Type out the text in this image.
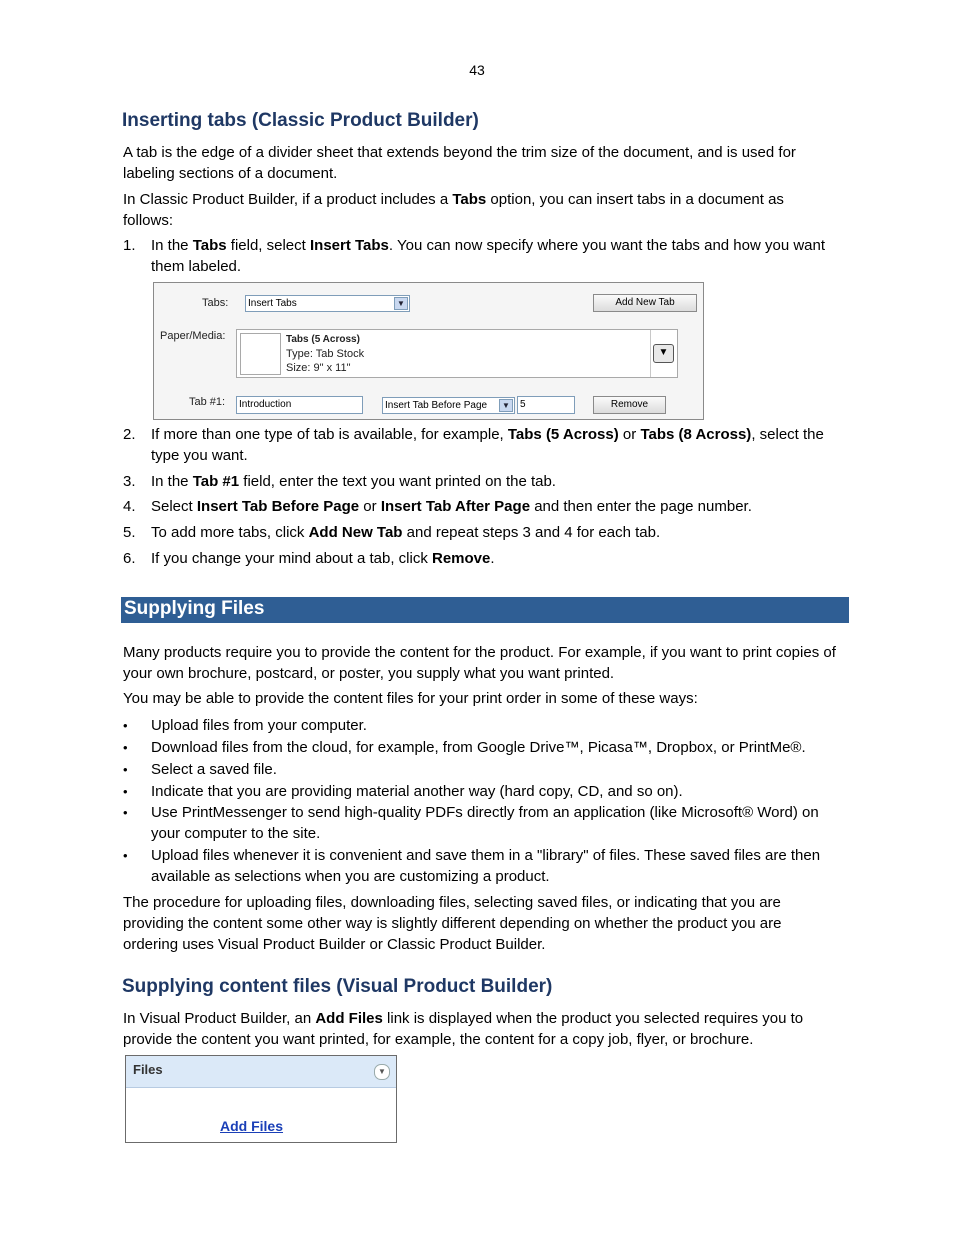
43
Inserting tabs (Classic Product Builder)
A tab is the edge of a divider sheet that extends beyond the trim size of the document, and is used for labeling sections of a document.
In Classic Product Builder, if a product includes a Tabs option, you can insert tabs in a document as follows:
1.	In the Tabs field, select Insert Tabs. You can now specify where you want the tabs and how you want them labeled.
Tabs:	Insert Tabs	▼	Add New Tab
Paper/Media:	Tabs (5 Across)
Type: Tab Stock
Size: 9" x 11"
▼
Tab #1:	Introduction	Insert Tab Before Page	▼	5	Remove
2.	If more than one type of tab is available, for example, Tabs (5 Across) or Tabs (8 Across), select the type you want.
3.	In the Tab #1 field, enter the text you want printed on the tab.
4.	Select Insert Tab Before Page or Insert Tab After Page and then enter the page number.
5.	To add more tabs, click Add New Tab and repeat steps 3 and 4 for each tab.
6.	If you change your mind about a tab, click Remove.
Supplying Files
Many products require you to provide the content for the product. For example, if you want to print copies of your own brochure, postcard, or poster, you supply what you want printed.
You may be able to provide the content files for your print order in some of these ways:
•	Upload files from your computer.
•	Download files from the cloud, for example, from Google Drive™, Picasa™, Dropbox, or PrintMe®.
•	Select a saved file.
•	Indicate that you are providing material another way (hard copy, CD, and so on).
•	Use PrintMessenger to send high-quality PDFs directly from an application (like Microsoft® Word) on your computer to the site.
•	Upload files whenever it is convenient and save them in a "library" of files. These saved files are then available as selections when you are customizing a product.
The procedure for uploading files, downloading files, selecting saved files, or indicating that you are providing the content some other way is slightly different depending on whether the product you are ordering uses Visual Product Builder or Classic Product Builder.
Supplying content files (Visual Product Builder)
In Visual Product Builder, an Add Files link is displayed when the product you selected requires you to provide the content you want printed, for example, the content for a copy job, flyer, or brochure.
Files	▼
Add Files
